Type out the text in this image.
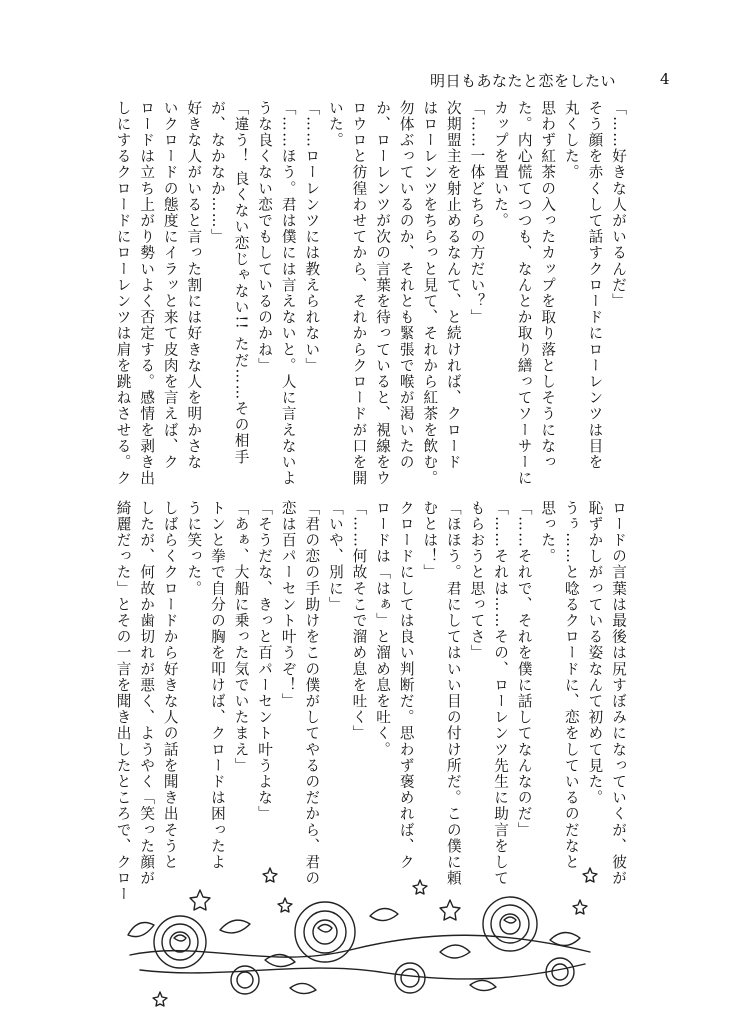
明日もあなたと恋をしたい	4

「……好きな人がいるんだ」

そう顔を赤くして話すクロードにローレンツは目を

丸くした。

思わず紅茶の入ったカップを取り落としそうになっ

た。内心慌てつつも、なんとか取り繕ってソーサーに

カップを置いた。

「……一体どちらの方だい？」

次期盟主を射止めるなんて、と続ければ、クロード

はローレンツをちらっと見て、それから紅茶を飲む。

勿体ぶっているのか、それとも緊張で喉が渇いたの

か、ローレンツが次の言葉を待っていると、視線をウ

ロウロと彷徨わせてから、それからクロードが口を開

いた。

「……ローレンツには教えられない」

「……ほう。君は僕には言えないと。人に言えないよ

うな良くない恋でもしているのかね」

「違う！ 良くない恋じゃない!! ただ……その相手

が、なかなか……」

好きな人がいると言った割には好きな人を明かさな

いクロードの態度にイラッと来て皮肉を言えば、ク

ロードは立ち上がり勢いよく否定する。感情を剥き出

しにするクロードにローレンツは肩を跳ねさせる。ク

ロードの言葉は最後は尻すぼみになっていくが、彼が

恥ずかしがっている姿なんて初めて見た。

うぅ……と唸るクロードに、恋をしているのだなと

思った。

「……それで、それを僕に話してなんなのだ」

「……それは……その、ローレンツ先生に助言をして

もらおうと思ってさ」

「ほほう。君にしてはいい目の付け所だ。この僕に頼

むとは！」

クロードにしては良い判断だ。思わず褒めれば、ク

ロードは「はぁ」と溜め息を吐く。

「……何故そこで溜め息を吐く」

「いや、別に」

「君の恋の手助けをこの僕がしてやるのだから、君の

恋は百パーセント叶うぞ！」

「そうだな、きっと百パーセント叶うよな」

「あぁ、大船に乗った気でいたまえ」

トンと拳で自分の胸を叩けば、クロードは困ったよ

うに笑った。

しばらくクロードから好きな人の話を聞き出そうと

したが、何故か歯切れが悪く、ようやく「笑った顔が

綺麗だった」とその一言を聞き出したところで、クロー
